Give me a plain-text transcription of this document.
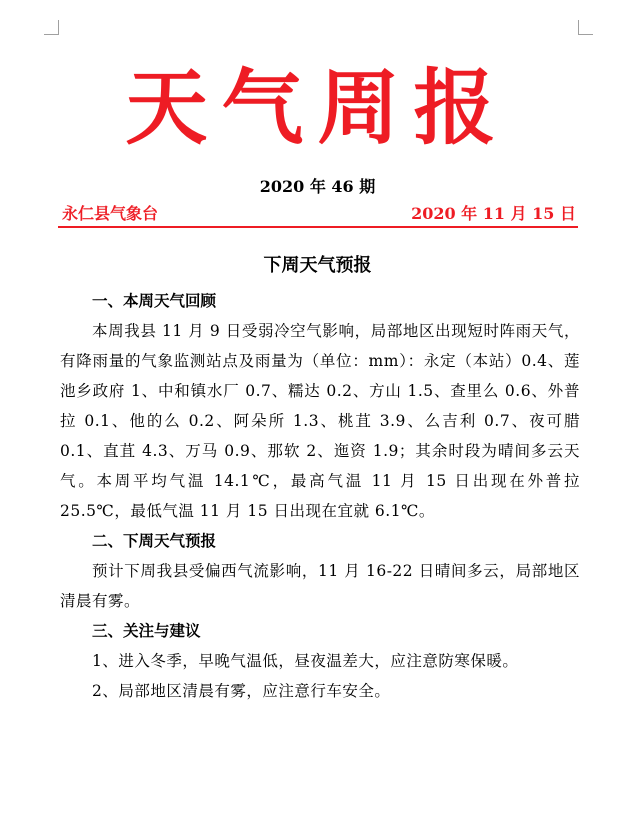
天气周报
2020 年 46 期
永仁县气象台	2020 年 11 月 15 日
下周天气预报

一、本周天气回顾

本周我县 11 月 9 日受弱冷空气影响，局部地区出现短时阵雨天气，有降雨量的气象监测站点及雨量为（单位：mm）：永定（本站）0.4、莲池乡政府 1、中和镇水厂 0.7、糯达 0.2、方山 1.5、查里么 0.6、外普拉 0.1、他的么 0.2、阿朵所 1.3、桃苴 3.9、么吉利 0.7、夜可腊 0.1、直苴 4.3、万马 0.9、那软 2、迤资 1.9；其余时段为晴间多云天气。本周平均气温 14.1℃，最高气温 11 月 15 日出现在外普拉 25.5℃，最低气温 11 月 15 日出现在宜就 6.1℃。

二、下周天气预报

预计下周我县受偏西气流影响，11 月 16-22 日晴间多云，局部地区清晨有雾。

三、关注与建议

1、进入冬季，早晚气温低，昼夜温差大，应注意防寒保暖。

2、局部地区清晨有雾，应注意行车安全。
